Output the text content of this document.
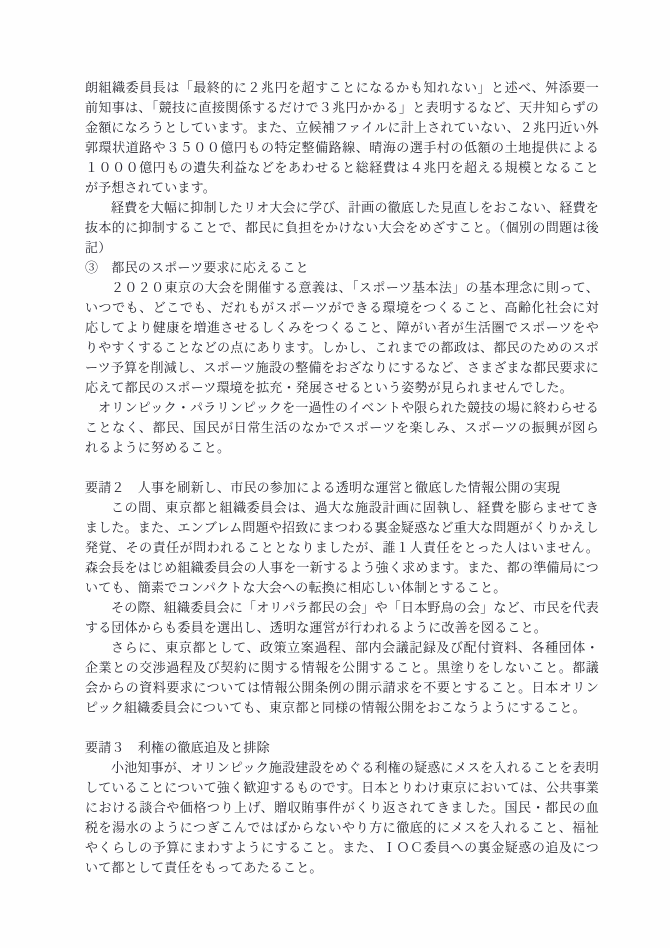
朗組織委員長は「最終的に２兆円を超すことになるかも知れない」と述べ、舛添要一前知事は、「競技に直接関係するだけで３兆円かかる」と表明するなど、天井知らずの金額になろうとしています。また、立候補ファイルに計上されていない、２兆円近い外郭環状道路や３５００億円もの特定整備路線、晴海の選手村の低額の土地提供による１０００億円もの遺失利益などをあわせると総経費は４兆円を超える規模となることが予想されています。

経費を大幅に抑制したリオ大会に学び、計画の徹底した見直しをおこない、経費を抜本的に抑制することで、都民に負担をかけない大会をめざすこと。（個別の問題は後記）

③　都民のスポーツ要求に応えること

２０２０東京の大会を開催する意義は、「スポーツ基本法」の基本理念に則って、いつでも、どこでも、だれもがスポーツができる環境をつくること、高齢化社会に対応してより健康を増進させるしくみをつくること、障がい者が生活圏でスポーツをやりやすくすることなどの点にあります。しかし、これまでの都政は、都民のためのスポーツ予算を削減し、スポーツ施設の整備をおざなりにするなど、さまざまな都民要求に応えて都民のスポーツ環境を拡充・発展させるという姿勢が見られませんでした。

オリンピック・パラリンピックを一過性のイベントや限られた競技の場に終わらせることなく、都民、国民が日常生活のなかでスポーツを楽しみ、スポーツの振興が図られるように努めること。

要請２　人事を刷新し、市民の参加による透明な運営と徹底した情報公開の実現

この間、東京都と組織委員会は、過大な施設計画に固執し、経費を膨らませてきました。また、エンブレム問題や招致にまつわる裏金疑惑など重大な問題がくりかえし発覚、その責任が問われることとなりましたが、誰１人責任をとった人はいません。森会長をはじめ組織委員会の人事を一新するよう強く求めます。また、都の準備局についても、簡素でコンパクトな大会への転換に相応しい体制とすること。

その際、組織委員会に「オリパラ都民の会」や「日本野鳥の会」など、市民を代表する団体からも委員を選出し、透明な運営が行われるように改善を図ること。

さらに、東京都として、政策立案過程、部内会議記録及び配付資料、各種団体・企業との交渉過程及び契約に関する情報を公開すること。黒塗りをしないこと。都議会からの資料要求については情報公開条例の開示請求を不要とすること。日本オリンピック組織委員会についても、東京都と同様の情報公開をおこなうようにすること。

要請３　利権の徹底追及と排除

小池知事が、オリンピック施設建設をめぐる利権の疑惑にメスを入れることを表明していることについて強く歓迎するものです。日本とりわけ東京においては、公共事業における談合や価格つり上げ、贈収賄事件がくり返されてきました。国民・都民の血税を湯水のようにつぎこんではばからないやり方に徹底的にメスを入れること、福祉やくらしの予算にまわすようにすること。また、ＩＯＣ委員への裏金疑惑の追及について都として責任をもってあたること。
